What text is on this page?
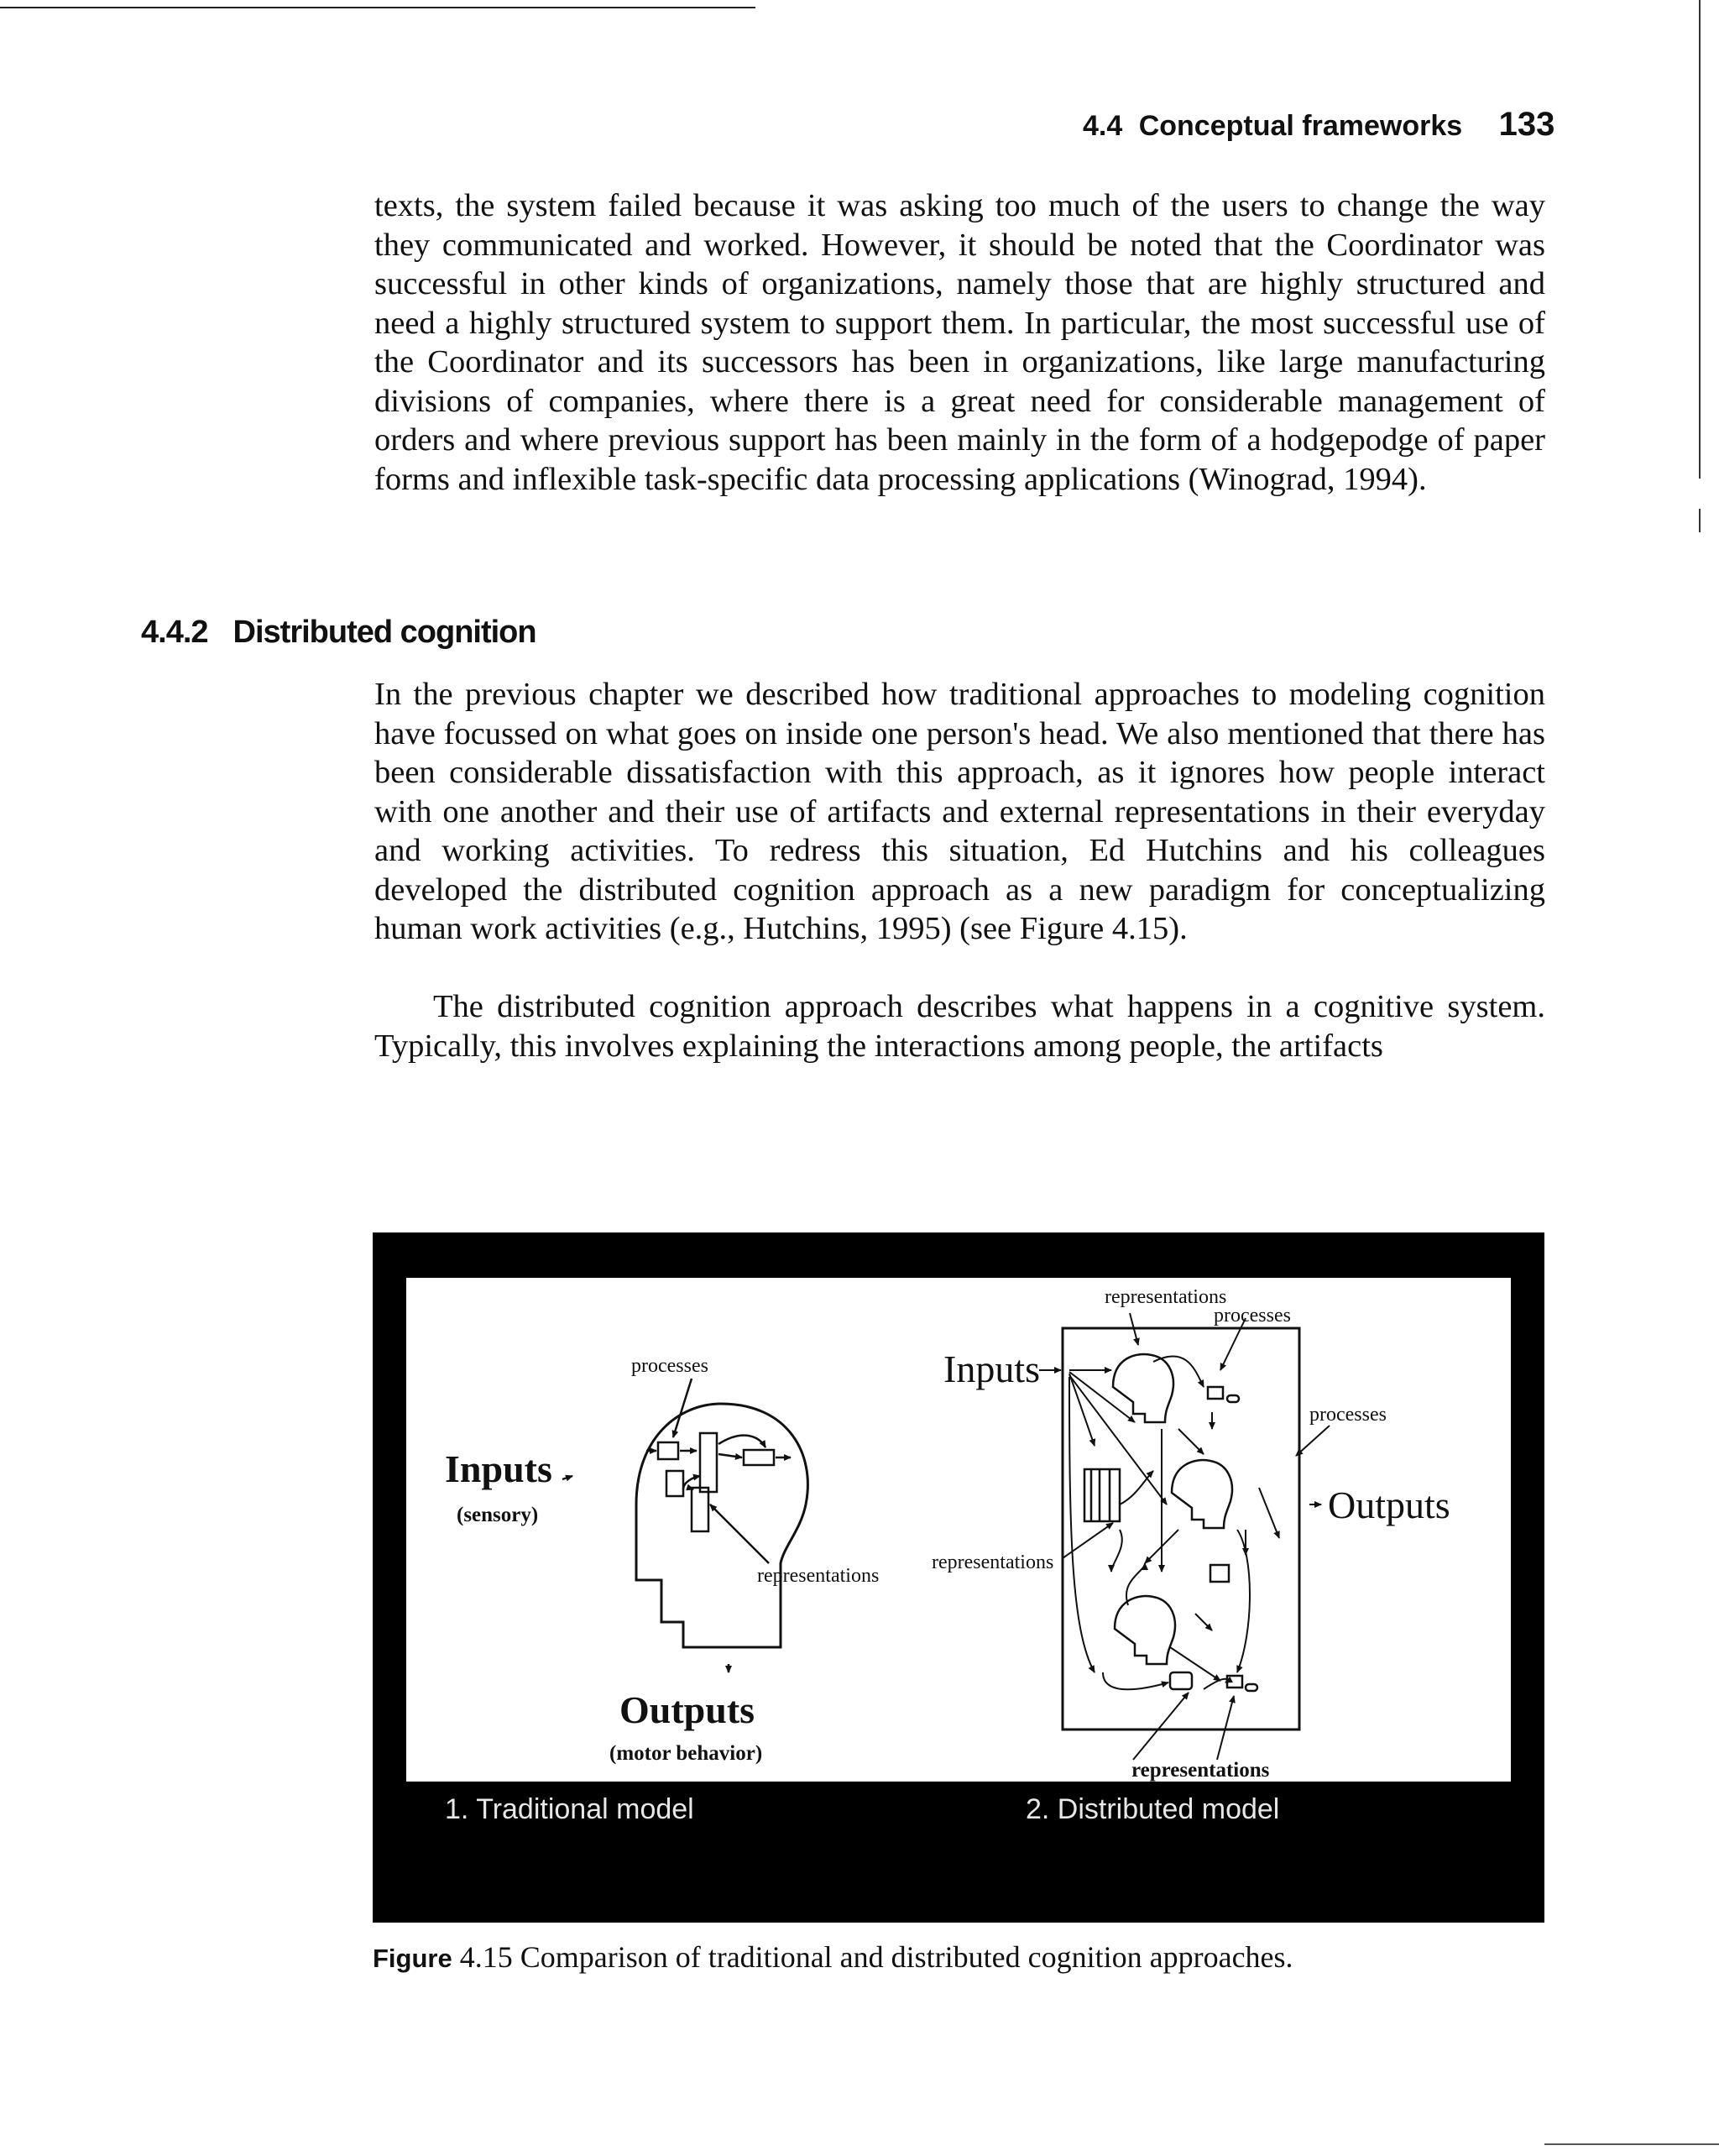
4.4 Conceptual frameworks 133

texts, the system failed because it was asking too much of the users to change the way they communicated and worked. However, it should be noted that the Coordinator was successful in other kinds of organizations, namely those that are highly structured and need a highly structured system to support them. In particular, the most successful use of the Coordinator and its successors has been in organizations, like large manufacturing divisions of companies, where there is a great need for considerable management of orders and where previous support has been mainly in the form of a hodgepodge of paper forms and inflexible task-specific data processing applications (Winograd, 1994).

4.4.2 Distributed cognition

In the previous chapter we described how traditional approaches to modeling cognition have focussed on what goes on inside one person's head. We also mentioned that there has been considerable dissatisfaction with this approach, as it ignores how people interact with one another and their use of artifacts and external representations in their everyday and working activities. To redress this situation, Ed Hutchins and his colleagues developed the distributed cognition approach as a new paradigm for conceptualizing human work activities (e.g., Hutchins, 1995) (see Figure 4.15).

The distributed cognition approach describes what happens in a cognitive system. Typically, this involves explaining the interactions among people, the artifacts

processes
Inputs
(sensory)
representations
Outputs
(motor behavior)
representations
processes
Inputs
processes
Outputs
representations
representations
1. Traditional model	2. Distributed model
Figure 4.15 Comparison of traditional and distributed cognition approaches.
